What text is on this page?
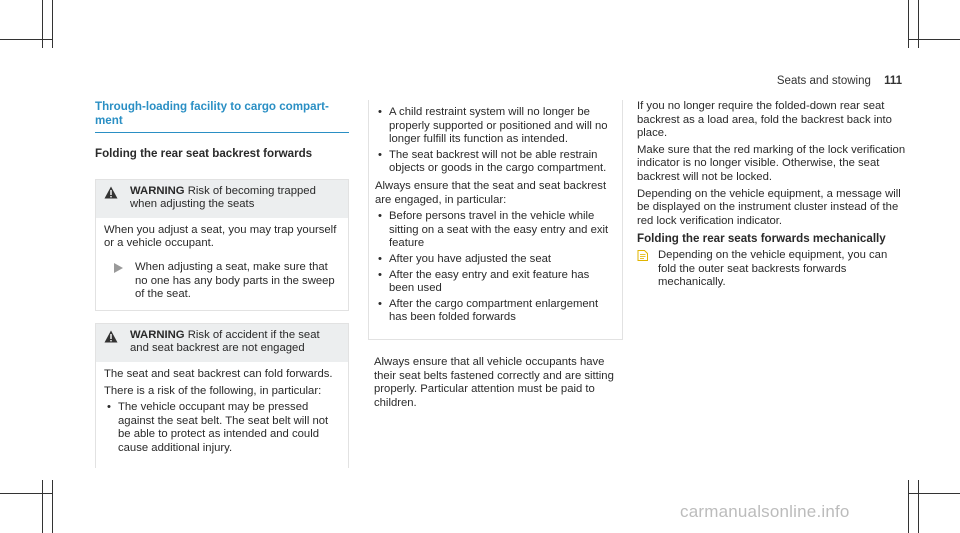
Seats and stowing 111
Through-loading facility to cargo compartment
Folding the rear seat backrest forwards
WARNING Risk of becoming trapped when adjusting the seats

When you adjust a seat, you may trap yourself or a vehicle occupant.

When adjusting a seat, make sure that no one has any body parts in the sweep of the seat.
WARNING Risk of accident if the seat and seat backrest are not engaged

The seat and seat backrest can fold forwards.

There is a risk of the following, in particular:

• The vehicle occupant may be pressed against the seat belt. The seat belt will not be able to protect as intended and could cause additional injury.
• A child restraint system will no longer be properly supported or positioned and will no longer fulfill its function as intended.
• The seat backrest will not be able restrain objects or goods in the cargo compartment.

Always ensure that the seat and seat backrest are engaged, in particular:

• Before persons travel in the vehicle while sitting on a seat with the easy entry and exit feature
• After you have adjusted the seat
• After the easy entry and exit feature has been used
• After the cargo compartment enlargement has been folded forwards

Always ensure that all vehicle occupants have their seat belts fastened correctly and are sitting properly. Particular attention must be paid to children.

If you no longer require the folded-down rear seat backrest as a load area, fold the backrest back into place.

Make sure that the red marking of the lock verification indicator is no longer visible. Otherwise, the seat backrest will not be locked.

Depending on the vehicle equipment, a message will be displayed on the instrument cluster instead of the red lock verification indicator.

Folding the rear seats forwards mechanically
Depending on the vehicle equipment, you can fold the outer seat backrests forwards mechanically.
carmanualsonline.info
